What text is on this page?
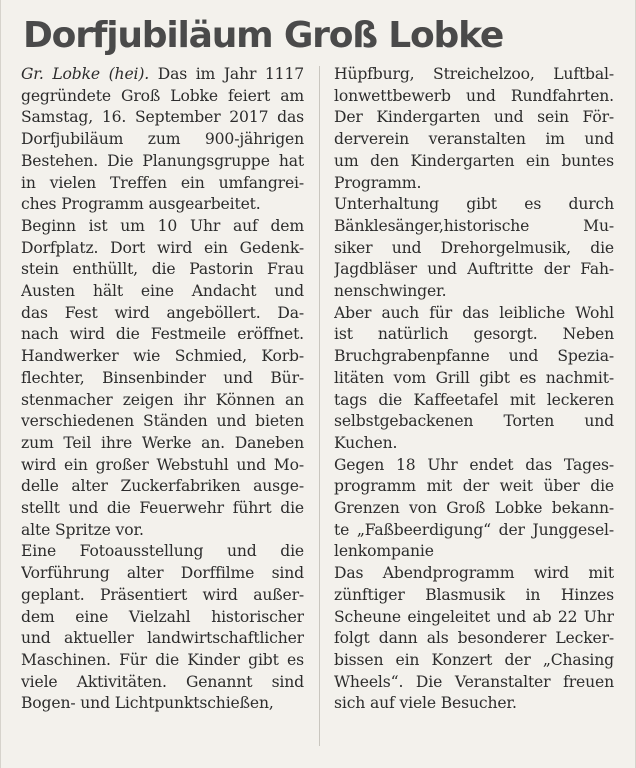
Dorfjubiläum Groß Lobke
Gr. Lobke (hei). Das im Jahr 1117
gegründete Groß Lobke feiert am
Samstag, 16. September 2017 das
Dorfjubiläum zum 900-jährigen
Bestehen. Die Planungsgruppe hat
in vielen Treffen ein umfangrei-
ches Programm ausgearbeitet.
Beginn ist um 10 Uhr auf dem
Dorfplatz. Dort wird ein Gedenk-
stein enthüllt, die Pastorin Frau
Austen hält eine Andacht und
das Fest wird angeböllert. Da-
nach wird die Festmeile eröffnet.
Handwerker wie Schmied, Korb-
flechter, Binsenbinder und Bür-
stenmacher zeigen ihr Können an
verschiedenen Ständen und bieten
zum Teil ihre Werke an. Daneben
wird ein großer Webstuhl und Mo-
delle alter Zuckerfabriken ausge-
stellt und die Feuerwehr führt die
alte Spritze vor.
Eine Fotoausstellung und die
Vorführung alter Dorffilme sind
geplant. Präsentiert wird außer-
dem eine Vielzahl historischer
und aktueller landwirtschaftlicher
Maschinen. Für die Kinder gibt es
viele Aktivitäten. Genannt sind
Bogen- und Lichtpunktschießen,
Hüpfburg, Streichelzoo, Luftbal-
lonwettbewerb und Rundfahrten.
Der Kindergarten und sein För-
derverein veranstalten im und
um den Kindergarten ein buntes
Programm.
Unterhaltung gibt es durch
Bänklesänger,historische Mu-
siker und Drehorgelmusik, die
Jagdbläser und Auftritte der Fah-
nenschwinger.
Aber auch für das leibliche Wohl
ist natürlich gesorgt. Neben
Bruchgrabenpfanne und Spezia-
litäten vom Grill gibt es nachmit-
tags die Kaffeetafel mit leckeren
selbstgebackenen Torten und
Kuchen.
Gegen 18 Uhr endet das Tages-
programm mit der weit über die
Grenzen von Groß Lobke bekann-
te „Faßbeerdigung“ der Junggesel-
lenkompanie
Das Abendprogramm wird mit
zünftiger Blasmusik in Hinzes
Scheune eingeleitet und ab 22 Uhr
folgt dann als besonderer Lecker-
bissen ein Konzert der „Chasing
Wheels“. Die Veranstalter freuen
sich auf viele Besucher.
